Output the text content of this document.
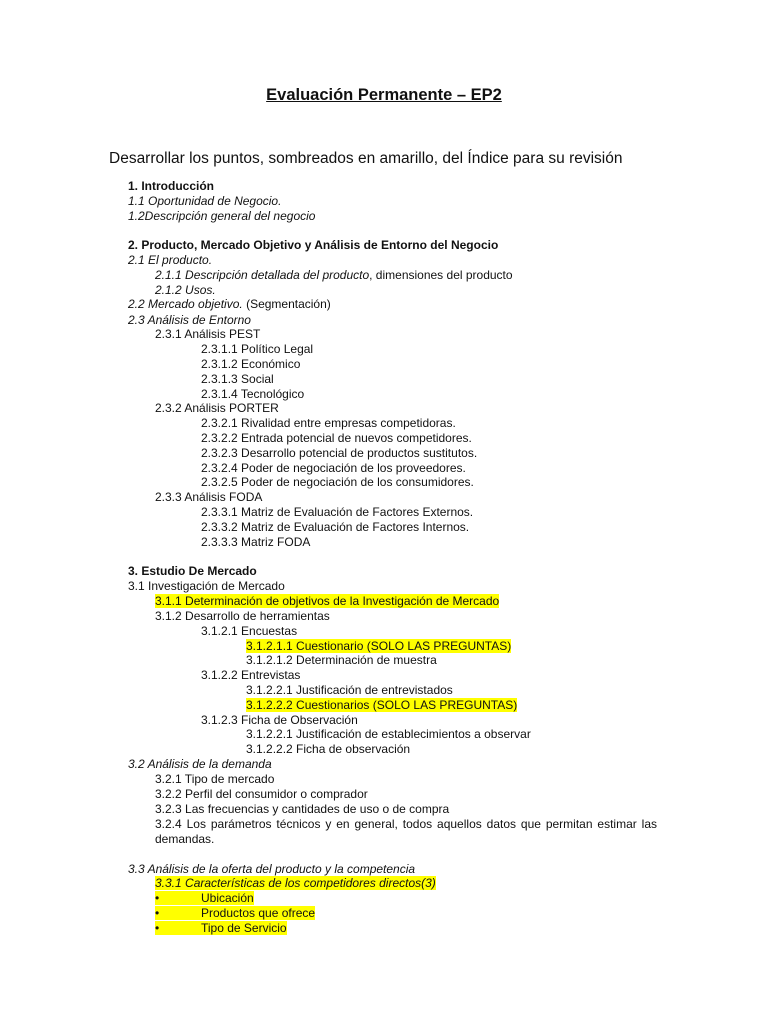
Evaluación Permanente – EP2
Desarrollar los puntos, sombreados en amarillo, del Índice para su revisión
1. Introducción
1.1 Oportunidad de Negocio.
1.2Descripción general del negocio
2. Producto, Mercado Objetivo y Análisis de Entorno del Negocio
2.1 El producto.
2.1.1 Descripción detallada del producto, dimensiones del producto
2.1.2 Usos.
2.2 Mercado objetivo. (Segmentación)
2.3 Análisis de Entorno
2.3.1 Análisis PEST
2.3.1.1 Político Legal
2.3.1.2 Económico
2.3.1.3 Social
2.3.1.4 Tecnológico
2.3.2 Análisis PORTER
2.3.2.1 Rivalidad entre empresas competidoras.
2.3.2.2 Entrada potencial de nuevos competidores.
2.3.2.3 Desarrollo potencial de productos sustitutos.
2.3.2.4 Poder de negociación de los proveedores.
2.3.2.5 Poder de negociación de los consumidores.
2.3.3 Análisis FODA
2.3.3.1 Matriz de Evaluación de Factores Externos.
2.3.3.2 Matriz de Evaluación de Factores Internos.
2.3.3.3 Matriz FODA
3. Estudio De Mercado
3.1 Investigación de Mercado
3.1.1 Determinación de objetivos de la Investigación de Mercado
3.1.2 Desarrollo de herramientas
3.1.2.1 Encuestas
3.1.2.1.1 Cuestionario (SOLO LAS PREGUNTAS)
3.1.2.1.2 Determinación de muestra
3.1.2.2 Entrevistas
3.1.2.2.1 Justificación de entrevistados
3.1.2.2.2 Cuestionarios (SOLO LAS PREGUNTAS)
3.1.2.3 Ficha de Observación
3.1.2.2.1 Justificación de establecimientos a observar
3.1.2.2.2 Ficha de observación
3.2 Análisis de la demanda
3.2.1 Tipo de mercado
3.2.2 Perfil del consumidor o comprador
3.2.3 Las frecuencias y cantidades de uso o de compra
3.2.4 Los parámetros técnicos y en general, todos aquellos datos que permitan estimar las demandas.
3.3 Análisis de la oferta del producto y la competencia
3.3.1 Características de los competidores directos(3)
•	Ubicación
•	Productos que ofrece
•	Tipo de Servicio
